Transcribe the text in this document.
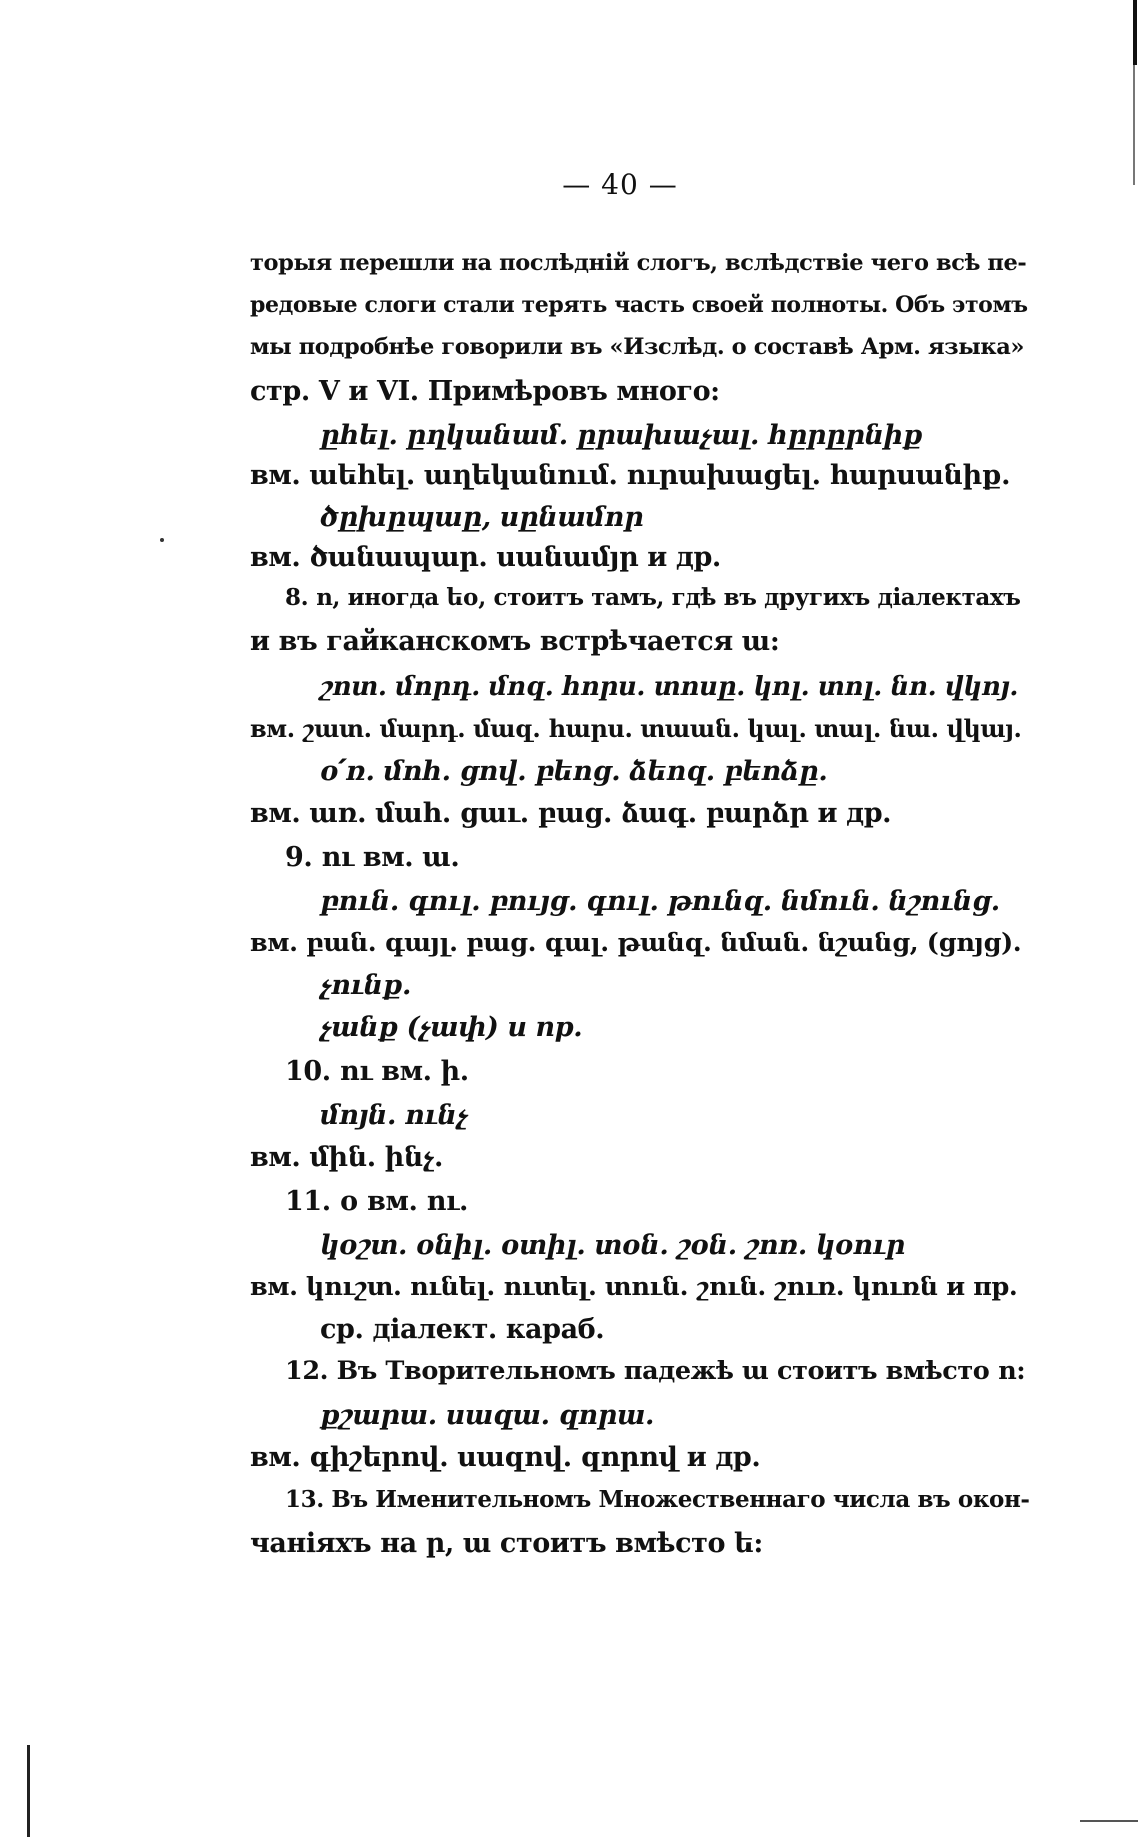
— 40 —
торыя перешли на послѣднiй слогъ, вслѣдствiе чего всѣ пе-
редовые слоги стали терять часть своей полноты. Объ этомъ
мы подробнѣе говорили въ «Изслѣд. о составѣ Арм. языка»
стр. V и VI. Примѣровъ много:
ըհել. ըղկանամ. ըրախաչալ. հըրըրնիք
вм. աեհել. աղեկանում. ուրախացել. հարսանիք.
ծըխըպաը, սընամոր
вм. ծանապար. սանամյր и др.
8. ո, иногда եօ, стоитъ тамъ, гдѣ въ другихъ дiалектахъ
и въ гайканскомъ встрѣчается ա:
շոտ. մորդ. մոզ. հորս. տոսը. կոլ. տոլ. նո. վկոյ.
вм. շատ. մարդ. մազ. հարս. տաան. կալ. տալ. նա. վկայ.
օ՛ռ. մոհ. ցով. բեոց. ձեոզ. բեոձը.
вм. առ. մահ. ցաւ. բաց. ձագ. բարձր и др.
9. ու вм. ա.
բուն. գուլ. բույց. գուլ. թունզ. նմուն. նշունց.
вм. բան. գայլ. բաց. գալ. թանզ. նման. նշանց, (ցոյց).
չունք.
չանք (չափ) и пр.
10. ու вм. ի.
մոյն. ունչ
вм. մին. ինչ.
11. օ вм. ու.
կօշտ. օնիլ. օտիլ. տօն. շօն. շոռ. կօուր
вм. կուշտ. ունել. ուտել. տուն. շուն. շուռ. կուռն и пр.
ср. дiалект. караб.
12. Въ Творительномъ падежѣ ա стоитъ вмѣсто ո:
քշարա. սազա. զորա.
вм. գիշերով. սազով. զորով и др.
13. Въ Именительномъ Множественнаго числа въ окон-
чанiяхъ на ր, ա стоитъ вмѣсто ե:
